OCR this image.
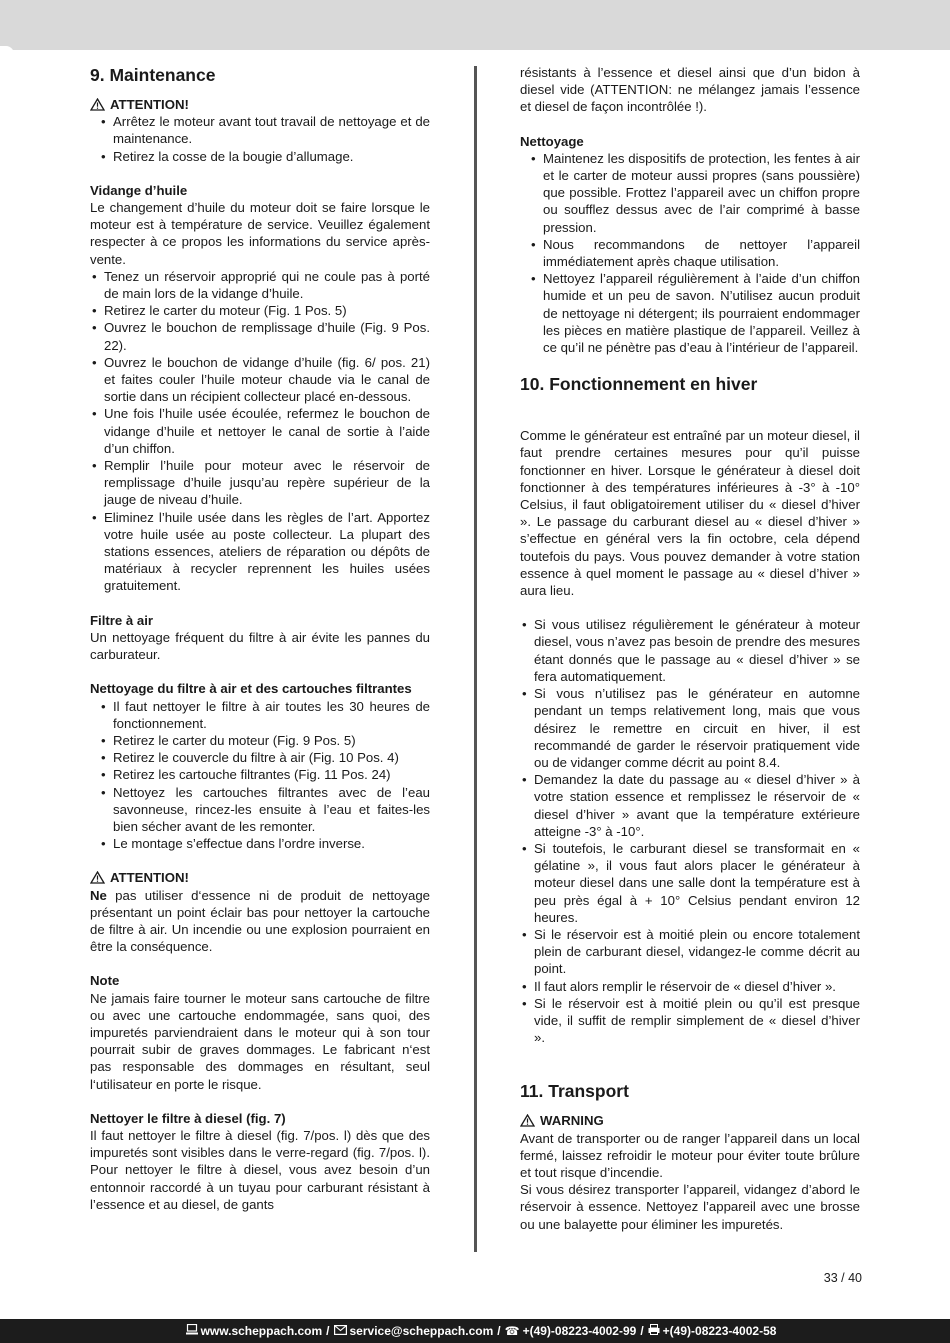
9. Maintenance
ATTENTION!
• Arrêtez le moteur avant tout travail de nettoyage et de maintenance.
• Retirez la cosse de la bougie d’allumage.
Vidange d’huile

Le changement d’huile du moteur doit se faire lorsque le moteur est à température de service. Veuillez également respecter à ce propos les informations du service après-vente.

• Tenez un réservoir approprié qui ne coule pas à porté de main lors de la vidange d’huile.
• Retirez le carter du moteur (Fig. 1 Pos. 5)
• Ouvrez le bouchon de remplissage d’huile (Fig. 9 Pos. 22).
• Ouvrez le bouchon de vidange d’huile (fig. 6/ pos. 21) et faites couler l’huile moteur chaude via le canal de sortie dans un récipient collecteur placé en-dessous.
• Une fois l’huile usée écoulée, refermez le bouchon de vidange d’huile et nettoyer le canal de sortie à l’aide d’un chiffon.
• Remplir l’huile pour moteur avec le réservoir de remplissage d’huile jusqu’au repère supérieur de la jauge de niveau d’huile.
• Eliminez l’huile usée dans les règles de l’art. Apportez votre huile usée au poste collecteur. La plupart des stations essences, ateliers de réparation ou dépôts de matériaux à recycler reprennent les huiles usées gratuitement.
Filtre à air

Un nettoyage fréquent du filtre à air évite les pannes du carburateur.

Nettoyage du filtre à air et des cartouches filtrantes
• Il faut nettoyer le filtre à air toutes les 30 heures de fonctionnement.
• Retirez le carter du moteur (Fig. 9 Pos. 5)
• Retirez le couvercle du filtre à air (Fig. 10 Pos. 4)
• Retirez les cartouche filtrantes (Fig. 11 Pos. 24)
• Nettoyez les cartouches filtrantes avec de l’eau savonneuse, rincez-les ensuite à l’eau et faites-les bien sécher avant de les remonter.
• Le montage s’effectue dans l’ordre inverse.
ATTENTION!

Ne pas utiliser d‘essence ni de produit de nettoyage présentant un point éclair bas pour nettoyer la cartouche de filtre à air. Un incendie ou une explosion pourraient en être la conséquence.

Note

Ne jamais faire tourner le moteur sans cartouche de filtre ou avec une cartouche endommagée, sans quoi, des impuretés parviendraient dans le moteur qui à son tour pourrait subir de graves dommages. Le fabricant n‘est pas responsable des dommages en résultant, seul l‘utilisateur en porte le risque.

Nettoyer le filtre à diesel (fig. 7)

Il faut nettoyer le filtre à diesel (fig. 7/pos. l) dès que des impuretés sont visibles dans le verre-regard (fig. 7/pos. l). Pour nettoyer le filtre à diesel, vous avez besoin d’un entonnoir raccordé à un tuyau pour carburant résistant à l’essence et au diesel, de gants

résistants à l’essence et diesel ainsi que d’un bidon à diesel vide (ATTENTION: ne mélangez jamais l’essence et diesel de façon incontrôlée !).

Nettoyage
• Maintenez les dispositifs de protection, les fentes à air et le carter de moteur aussi propres (sans poussière) que possible. Frottez l’appareil avec un chiffon propre ou soufflez dessus avec de l’air comprimé à basse pression.
• Nous recommandons de nettoyer l’appareil immédiatement après chaque utilisation.
• Nettoyez l’appareil régulièrement à l’aide d’un chiffon humide et un peu de savon. N’utilisez aucun produit de nettoyage ni détergent; ils pourraient endommager les pièces en matière plastique de l’appareil. Veillez à ce qu’il ne pénètre pas d’eau à l’intérieur de l’appareil.
10. Fonctionnement en hiver

Comme le générateur est entraîné par un moteur diesel, il faut prendre certaines mesures pour qu’il puisse fonctionner en hiver. Lorsque le générateur à diesel doit fonctionner à des températures inférieures à -3° à -10° Celsius, il faut obligatoirement utiliser du « diesel d’hiver ». Le passage du carburant diesel au « diesel d’hiver » s’effectue en général vers la fin octobre, cela dépend toutefois du pays. Vous pouvez demander à votre station essence à quel moment le passage au « diesel d’hiver » aura lieu.

• Si vous utilisez régulièrement le générateur à moteur diesel, vous n’avez pas besoin de prendre des mesures étant donnés que le passage au « diesel d’hiver » se fera automatiquement.
• Si vous n’utilisez pas le générateur en automne pendant un temps relativement long, mais que vous désirez le remettre en circuit en hiver, il est recommandé de garder le réservoir pratiquement vide ou de vidanger comme décrit au point 8.4.
• Demandez la date du passage au « diesel d’hiver » à votre station essence et remplissez le réservoir de « diesel d’hiver » avant que la température extérieure atteigne -3° à -10°.
• Si toutefois, le carburant diesel se transformait en « gélatine », il vous faut alors placer le générateur à moteur diesel dans une salle dont la température est à peu près égal à + 10° Celsius pendant environ 12 heures.
• Si le réservoir est à moitié plein ou encore totalement plein de carburant diesel, vidangez-le comme décrit au point.
• Il faut alors remplir le réservoir de « diesel d’hiver ».
• Si le réservoir est à moitié plein ou qu’il est presque vide, il suffit de remplir simplement de « diesel d’hiver ».
11. Transport
WARNING

Avant de transporter ou de ranger l’appareil dans un local fermé, laissez refroidir le moteur pour éviter toute brûlure et tout risque d’incendie.

Si vous désirez transporter l’appareil, vidangez d’abord le réservoir à essence. Nettoyez l’appareil avec une brosse ou une balayette pour éliminer les impuretés.

33 / 40
www.scheppach.com / service@scheppach.com / ☎ +(49)-08223-4002-99 / +(49)-08223-4002-58
